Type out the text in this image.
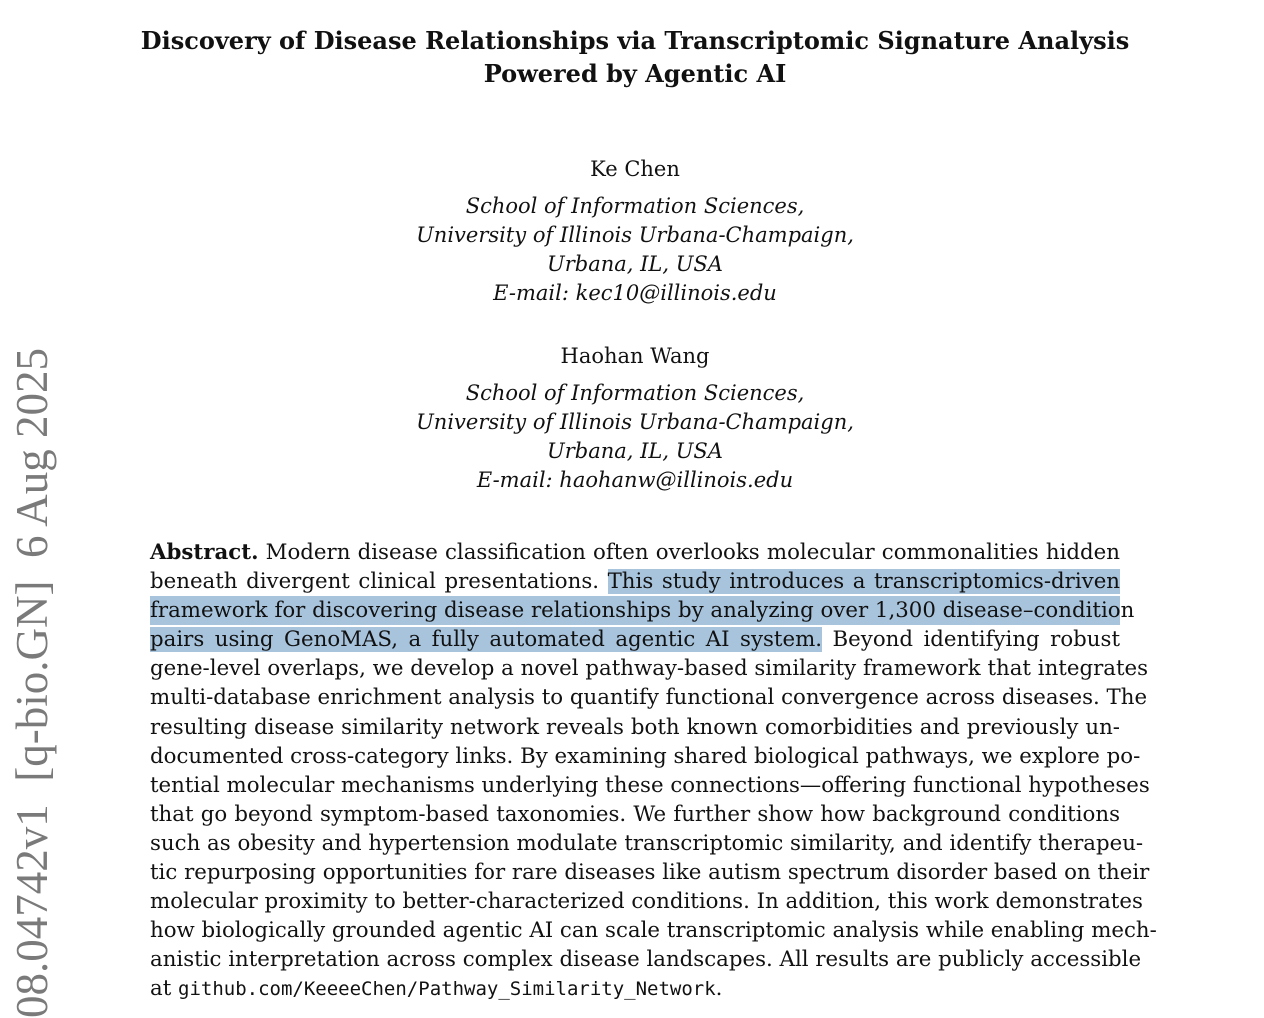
08.04742v1  [q-bio.GN]  6 Aug 2025
Discovery of Disease Relationships via Transcriptomic Signature Analysis
Powered by Agentic AI
Ke Chen
School of Information Sciences,
University of Illinois Urbana-Champaign,
Urbana, IL, USA
E-mail: kec10@illinois.edu
Haohan Wang
School of Information Sciences,
University of Illinois Urbana-Champaign,
Urbana, IL, USA
E-mail: haohanw@illinois.edu
Abstract. Modern disease classification often overlooks molecular commonalities hidden
beneath divergent clinical presentations. This study introduces a transcriptomics-driven
framework for discovering disease relationships by analyzing over 1,300 disease–condition
pairs using GenoMAS, a fully automated agentic AI system. Beyond identifying robust
gene-level overlaps, we develop a novel pathway-based similarity framework that integrates
multi-database enrichment analysis to quantify functional convergence across diseases. The
resulting disease similarity network reveals both known comorbidities and previously un-
documented cross-category links. By examining shared biological pathways, we explore po-
tential molecular mechanisms underlying these connections—offering functional hypotheses
that go beyond symptom-based taxonomies. We further show how background conditions
such as obesity and hypertension modulate transcriptomic similarity, and identify therapeu-
tic repurposing opportunities for rare diseases like autism spectrum disorder based on their
molecular proximity to better-characterized conditions. In addition, this work demonstrates
how biologically grounded agentic AI can scale transcriptomic analysis while enabling mech-
anistic interpretation across complex disease landscapes. All results are publicly accessible
at github.com/KeeeeChen/Pathway_Similarity_Network.
